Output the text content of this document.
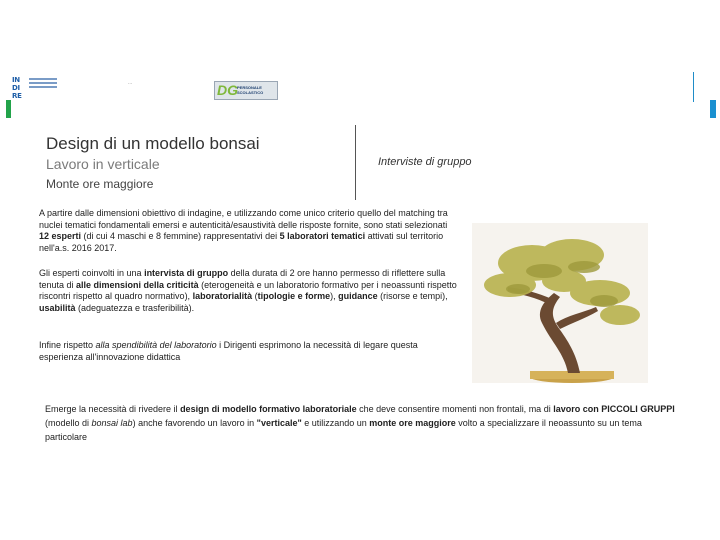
IN
DI
RE
...	DG PERSONALE SCOLASTICO
Design di un modello bonsai
Lavoro in verticale
Monte ore maggiore
Interviste di gruppo
A partire dalle dimensioni obiettivo di indagine, e utilizzando come unico criterio quello del matching tra nuclei tematici fondamentali emersi e autenticità/esaustività delle risposte fornite, sono stati selezionati 12 esperti (di cui 4 maschi e 8 femmine) rappresentativi dei 5 laboratori tematici attivati sul territorio nell'a.s. 2016 2017.
Gli esperti coinvolti in una intervista di gruppo della durata di 2 ore hanno permesso di riflettere sulla tenuta di alle dimensioni della criticità (eterogeneità e un laboratorio formativo per i neoassunti rispetto riscontri rispetto al quadro normativo), laboratorialità (tipologie e forme), guidance (risorse e tempi), usabilità (adeguatezza e trasferibilità).
Infine rispetto alla spendibilità del laboratorio i Dirigenti esprimono la necessità di legare questa esperienza all'innovazione didattica
Emerge la necessità di rivedere il design di modello formativo laboratoriale che deve consentire momenti non frontali, ma di lavoro con PICCOLI GRUPPI (modello di bonsai lab) anche favorendo un lavoro in "verticale" e utilizzando un monte ore maggiore volto a specializzare il neoassunto su un tema particolare
